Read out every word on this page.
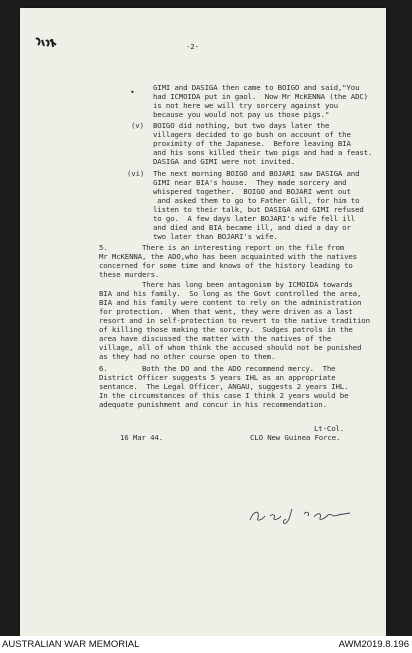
-2-
•
GIMI and DASIGA then came to BOIGO and said,"You
had ICMOIDA put in gaol.  Now Mr McKENNA (the ADC)
is not here we will try sorcery against you
because you would not pay us those pigs."
(v) BOIGO did nothing, but two days later the
villagers decided to go bush on account of the
proximity of the Japanese.  Before leaving BIA
and his sons killed their two pigs and had a feast.
DASIGA and GIMI were not invited.
(vi) The next morning BOIGO and BOJARI saw DASIGA and
GIMI near BIA's house.  They made sorcery and
whispered together.  BOIGO and BOJARI went out
and asked them to go to Father Gill, for him to
listen to their talk, but DASIGA and GIMI refused
to go.  A few days later BOJARI's wife fell ill
and died and BIA became ill, and died a day or
two later than BOJARI's wife.
5.        There is an interesting report on the file from
Mr McKENNA, the ADO,who has been acquainted with the natives
concerned for some time and knows of the history leading to
these murders.
There has long been antagonism by ICMOIDA towards
BIA and his family.  So long as the Govt controlled the area,
BIA and his family were content to rely on the administration
for protection.  When that went, they were driven as a last
resort and in self-protection to revert to the native tradition
of killing those making the sorcery.  Sudges patrols in the
area have discussed the matter with the natives of the
village, all of whom think the accused should not be punished
as they had no other course open to them.
6.        Both the DO and the ADO recommend mercy.  The
District Officer suggests 5 years IHL as an appropriate
sentance.  The Legal Officer, ANGAU, suggests 2 years IHL.
In the circumstances of this case I think 2 years would be
adequate punishment and concur in his recommendation.
Lt-Col.
16 Mar 44.	CLO New Guinea Force.
AUSTRALIAN WAR MEMORIAL	AWM2019.8.196
